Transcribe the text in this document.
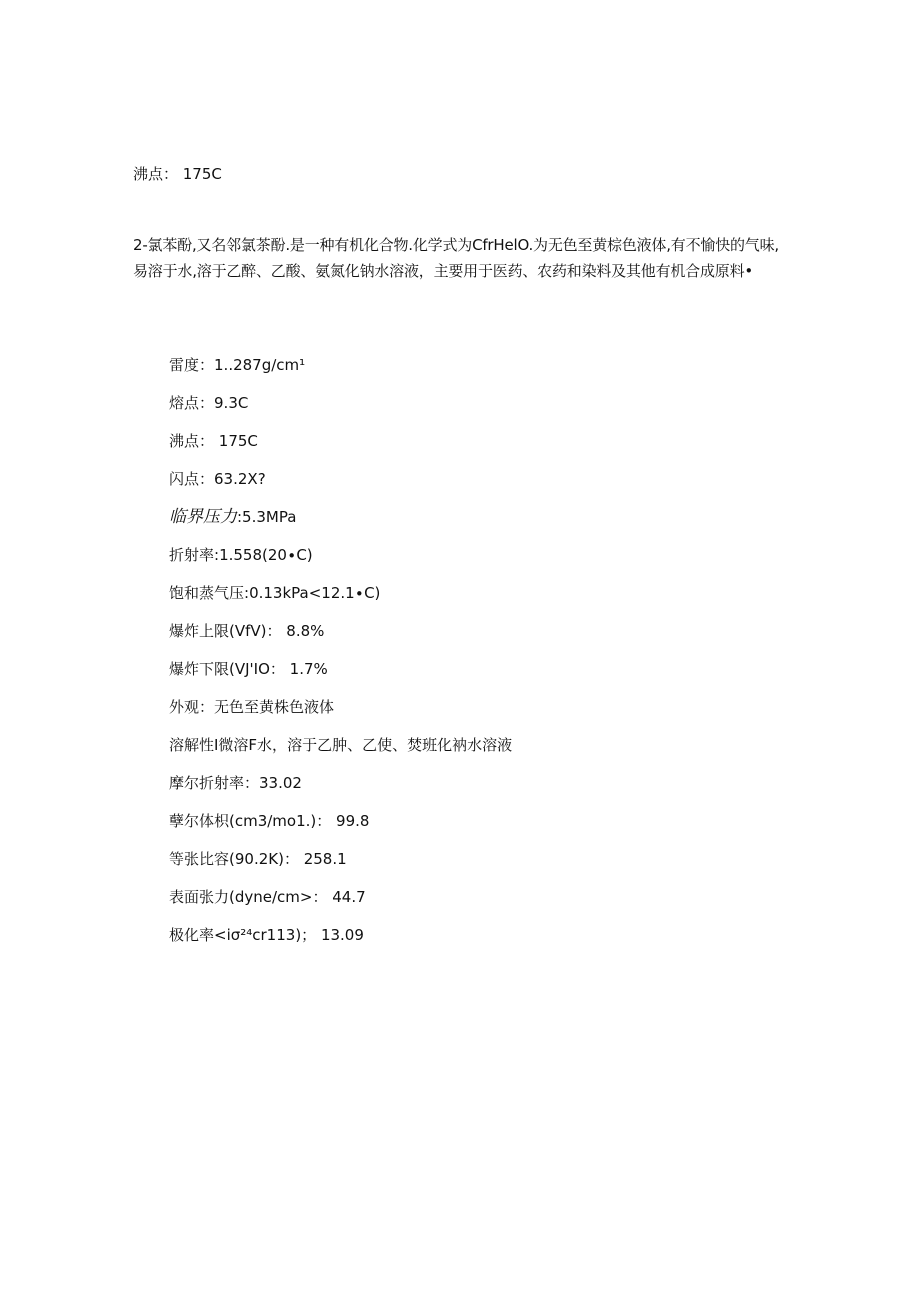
沸点： 175C

2-氯苯酚,又名邻氯茶酚.是一种有机化合物.化学式为CfrHelO.为无色至黄棕色液体,有不愉快的气味,易溶于水,溶于乙醉、乙酸、氨氮化钠水溶液，主要用于医药、农药和染料及其他有机合成原料•

雷度：1..287g∕cm¹
熔点：9.3C
沸点： 175C
闪点：63.2X?
临界压力:5.3MPa
折射率:1.558(20∙C)
饱和蒸气压:0.13kPa<12.1∙C)
爆炸上限(VfV)： 8.8%
爆炸下限(VJ'IO： 1.7%
外观：无色至黄株色液体
溶解性I微溶F水，溶于乙肿、乙使、焚班化衲水溶液
摩尔折射率：33.02
孽尔体枳(cm3∕mo1.)： 99.8
等张比容(90.2K)： 258.1
表面张力(dyne/cm>： 44.7
极化率<iσ²⁴cr113)； 13.09
